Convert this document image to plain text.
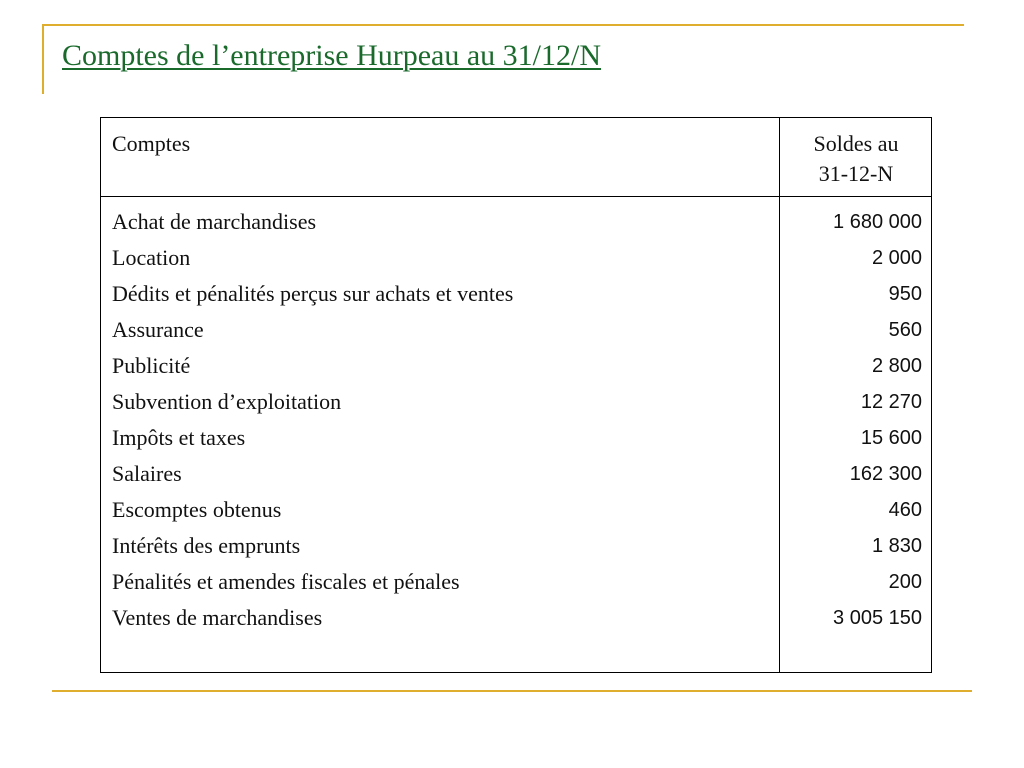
Comptes de l’entreprise Hurpeau au 31/12/N

Comptes	Soldes au
31-12-N

Achat de marchandises
Location
Dédits et pénalités perçus sur achats et ventes
Assurance
Publicité
Subvention d’exploitation
Impôts et taxes
Salaires
Escomptes obtenus
Intérêts des emprunts
Pénalités et amendes fiscales et pénales
Ventes de marchandises
1 680 000
2 000
950
560
2 800
12 270
15 600
162 300
460
1 830
200
3 005 150
